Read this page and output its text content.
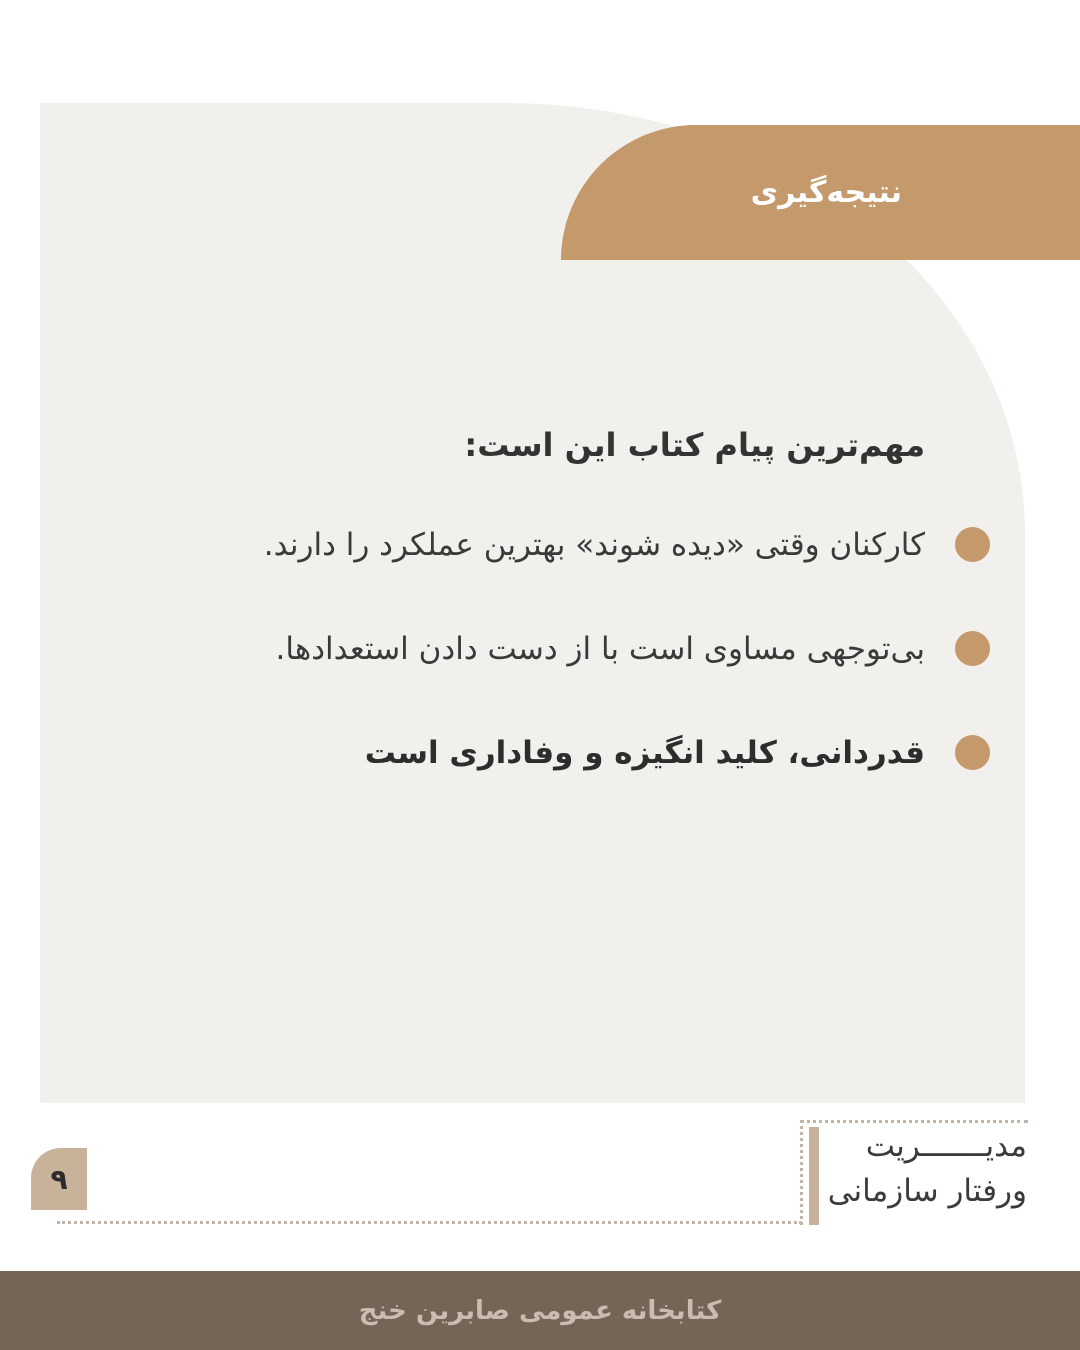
نتیجه‌گیری

مهم‌ترین پیام کتاب این است:

کارکنان وقتی «دیده شوند» بهترین عملکرد را دارند.
بی‌توجهی مساوی است با از دست دادن استعدادها.
قدردانی، کلید انگیزه و وفاداری است
۹
مدیـــــــریت
ورفتار سازمانی
کتابخانه عمومی صابرین خنج
